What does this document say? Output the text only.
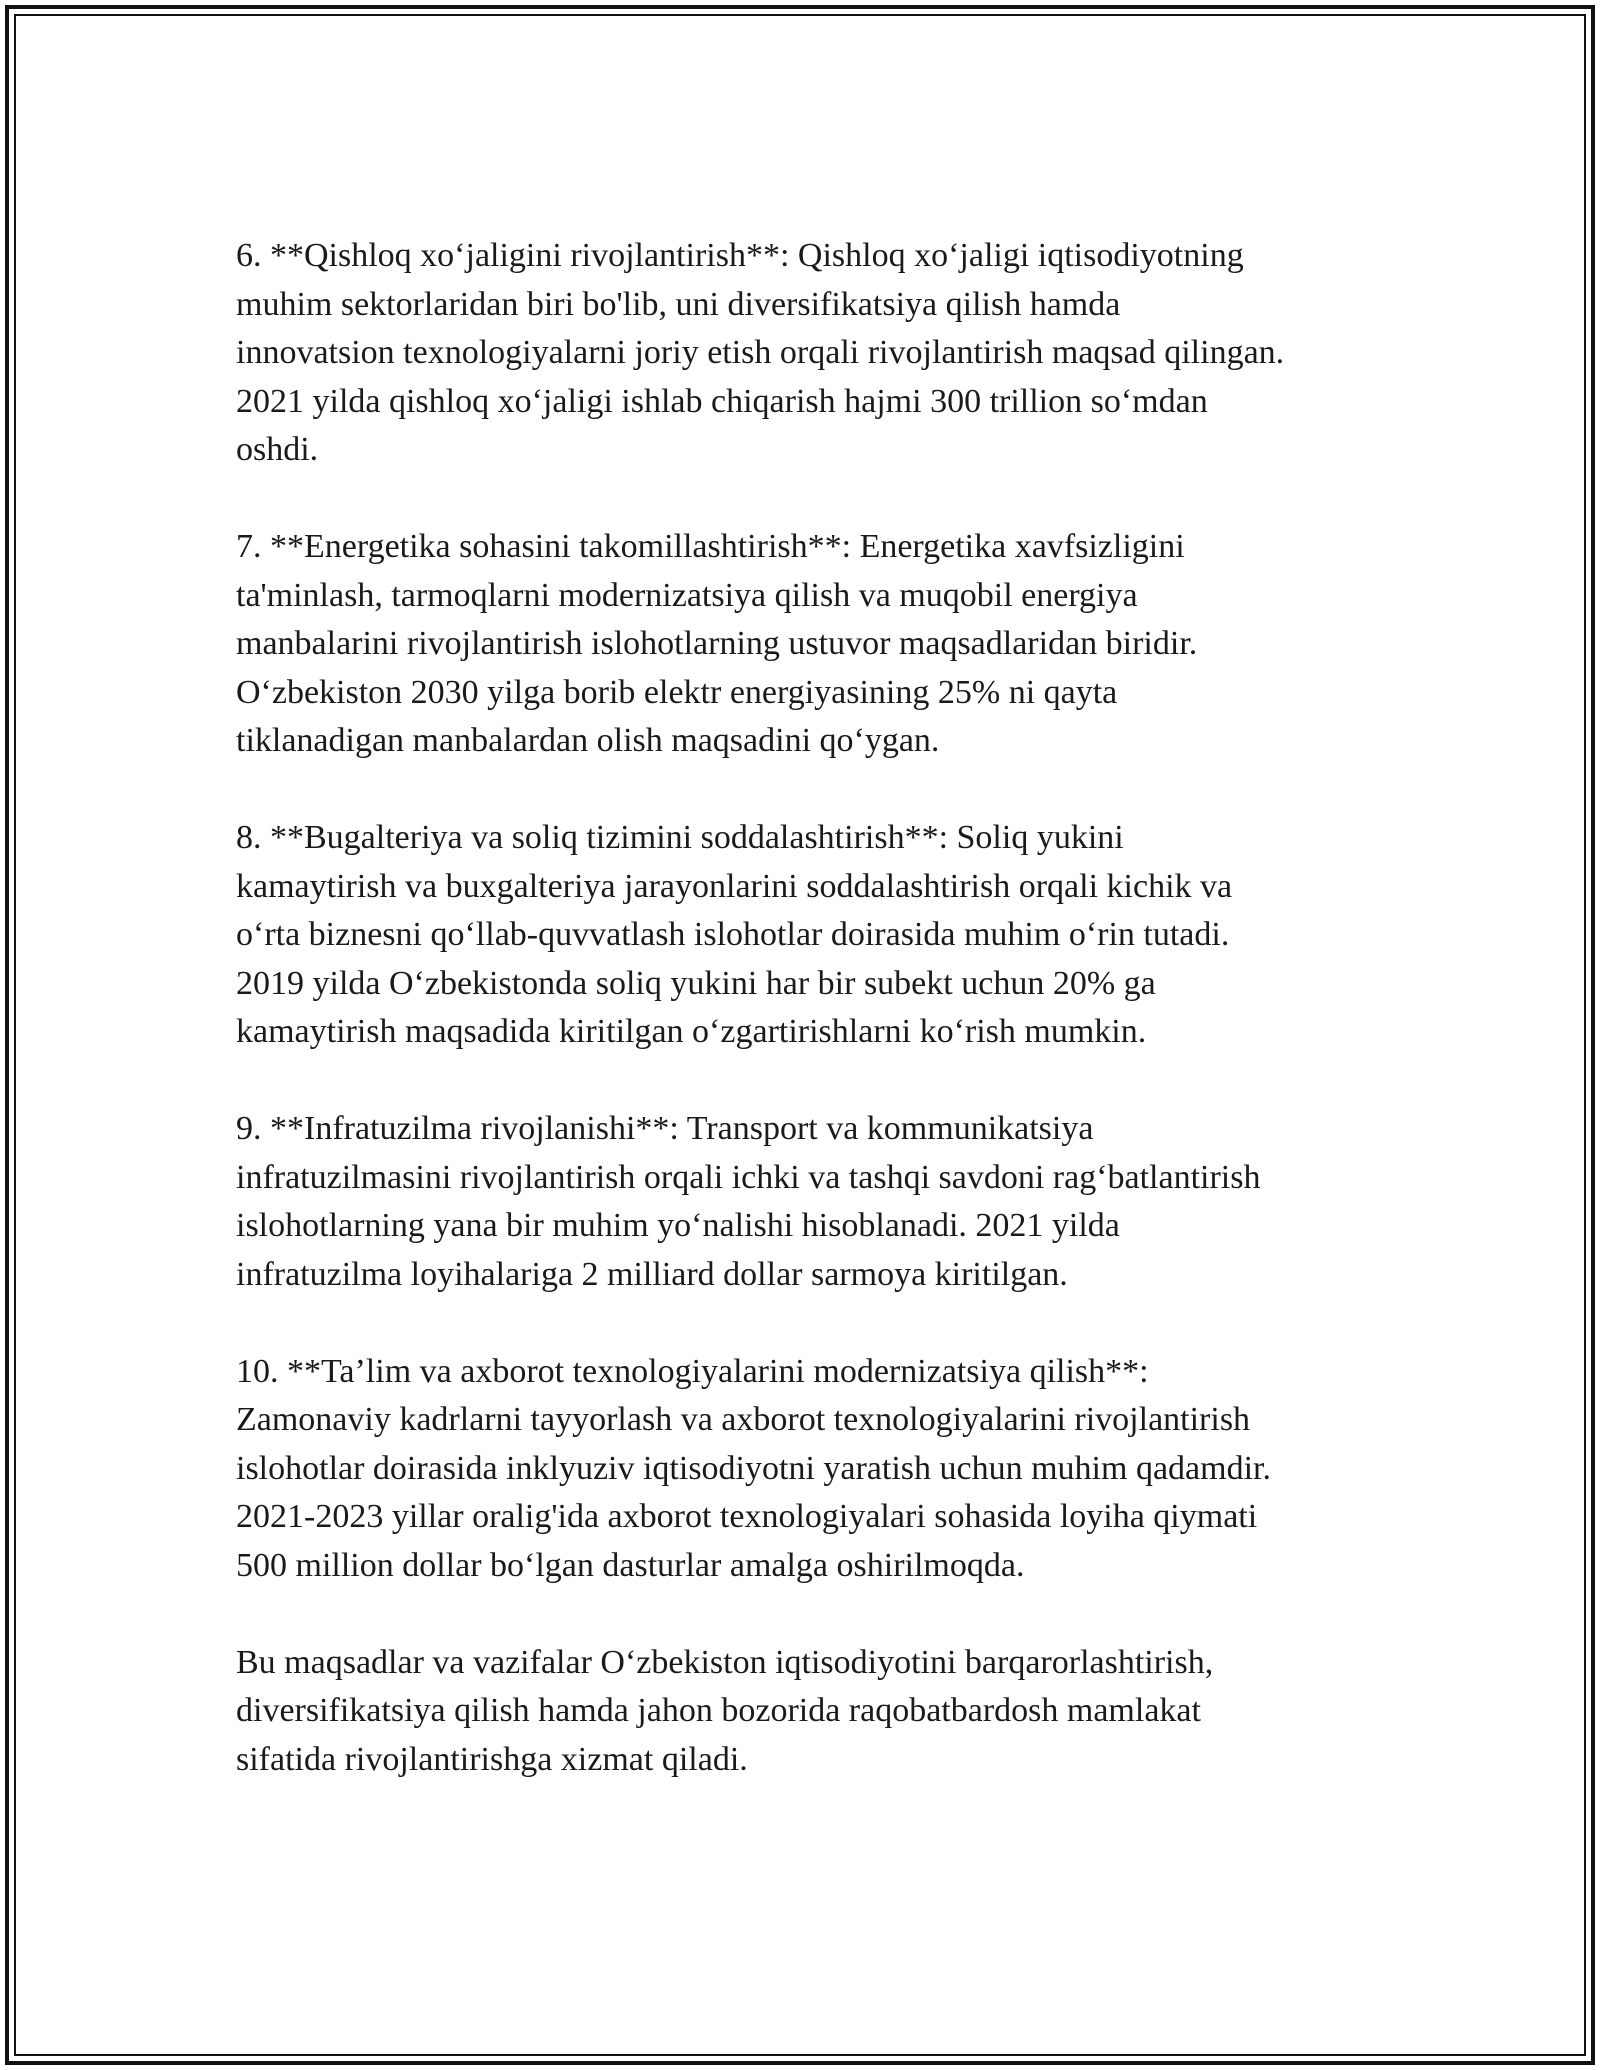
6. **Qishloq xo‘jaligini rivojlantirish**: Qishloq xo‘jaligi iqtisodiyotning
muhim sektorlaridan biri bo'lib, uni diversifikatsiya qilish hamda
innovatsion texnologiyalarni joriy etish orqali rivojlantirish maqsad qilingan.
2021 yilda qishloq xo‘jaligi ishlab chiqarish hajmi 300 trillion so‘mdan
oshdi.

7. **Energetika sohasini takomillashtirish**: Energetika xavfsizligini
ta'minlash, tarmoqlarni modernizatsiya qilish va muqobil energiya
manbalarini rivojlantirish islohotlarning ustuvor maqsadlaridan biridir.
O‘zbekiston 2030 yilga borib elektr energiyasining 25% ni qayta
tiklanadigan manbalardan olish maqsadini qo‘ygan.

8. **Bugalteriya va soliq tizimini soddalashtirish**: Soliq yukini
kamaytirish va buxgalteriya jarayonlarini soddalashtirish orqali kichik va
o‘rta biznesni qo‘llab-quvvatlash islohotlar doirasida muhim o‘rin tutadi.
2019 yilda O‘zbekistonda soliq yukini har bir subekt uchun 20% ga
kamaytirish maqsadida kiritilgan o‘zgartirishlarni ko‘rish mumkin.

9. **Infratuzilma rivojlanishi**: Transport va kommunikatsiya
infratuzilmasini rivojlantirish orqali ichki va tashqi savdoni rag‘batlantirish
islohotlarning yana bir muhim yo‘nalishi hisoblanadi. 2021 yilda
infratuzilma loyihalariga 2 milliard dollar sarmoya kiritilgan.

10. **Ta’lim va axborot texnologiyalarini modernizatsiya qilish**:
Zamonaviy kadrlarni tayyorlash va axborot texnologiyalarini rivojlantirish
islohotlar doirasida inklyuziv iqtisodiyotni yaratish uchun muhim qadamdir.
2021-2023 yillar oralig'ida axborot texnologiyalari sohasida loyiha qiymati
500 million dollar bo‘lgan dasturlar amalga oshirilmoqda.

Bu maqsadlar va vazifalar O‘zbekiston iqtisodiyotini barqarorlashtirish,
diversifikatsiya qilish hamda jahon bozorida raqobatbardosh mamlakat
sifatida rivojlantirishga xizmat qiladi.
